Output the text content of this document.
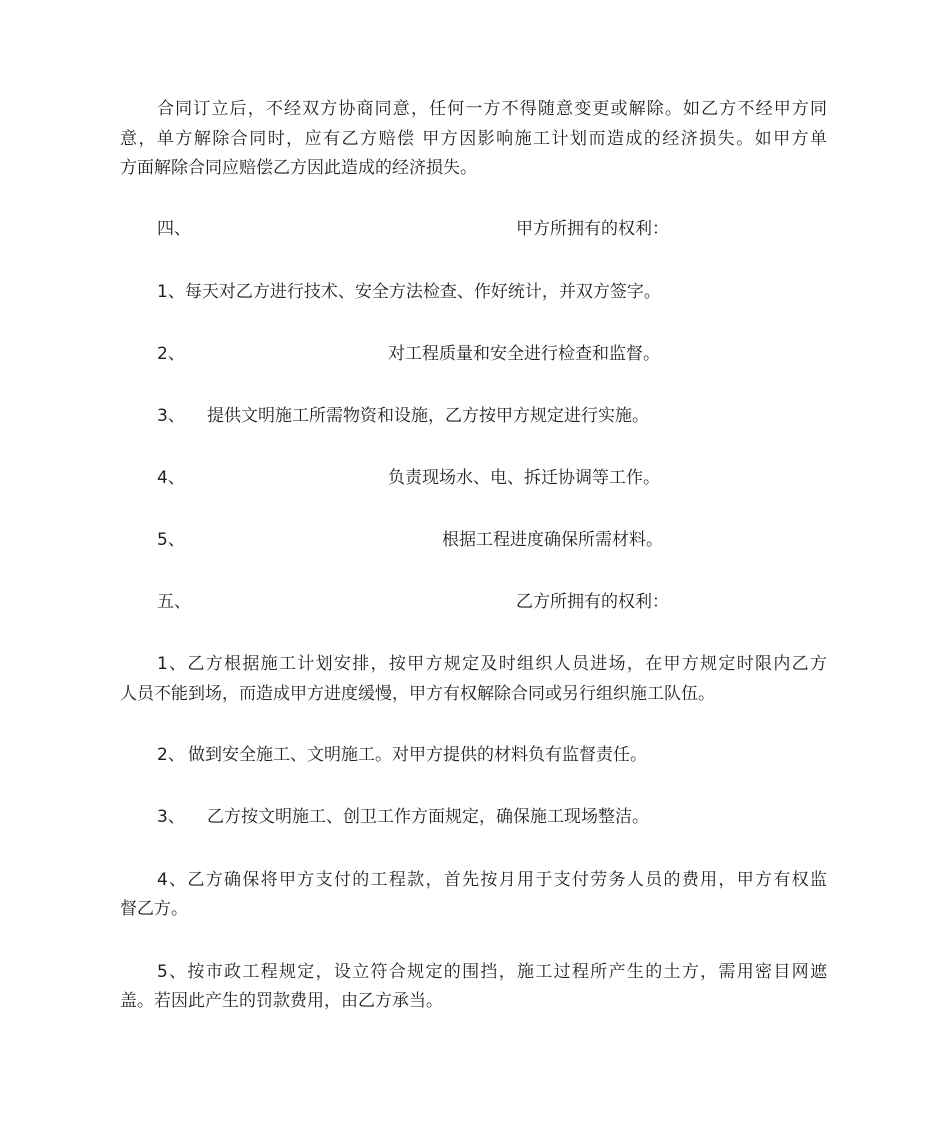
合同订立后，不经双方协商同意，任何一方不得随意变更或解除。如乙方不经甲方同
意，单方解除合同时，应有乙方赔偿 甲方因影响施工计划而造成的经济损失。如甲方单
方面解除合同应赔偿乙方因此造成的经济损失。
四、	甲方所拥有的权利：
1、每天对乙方进行技术、安全方法检查、作好统计，并双方签字。
2、	对工程质量和安全进行检查和监督。
3、 提供文明施工所需物资和设施，乙方按甲方规定进行实施。
4、	负责现场水、电、拆迁协调等工作。
5、	根据工程进度确保所需材料。
五、	乙方所拥有的权利：
1、乙方根据施工计划安排，按甲方规定及时组织人员进场，在甲方规定时限内乙方
人员不能到场，而造成甲方进度缓慢，甲方有权解除合同或另行组织施工队伍。
2、 做到安全施工、文明施工。对甲方提供的材料负有监督责任。
3、 乙方按文明施工、创卫工作方面规定，确保施工现场整洁。
4、乙方确保将甲方支付的工程款，首先按月用于支付劳务人员的费用，甲方有权监
督乙方。
5、按市政工程规定，设立符合规定的围挡，施工过程所产生的土方，需用密目网遮
盖。若因此产生的罚款费用，由乙方承当。
